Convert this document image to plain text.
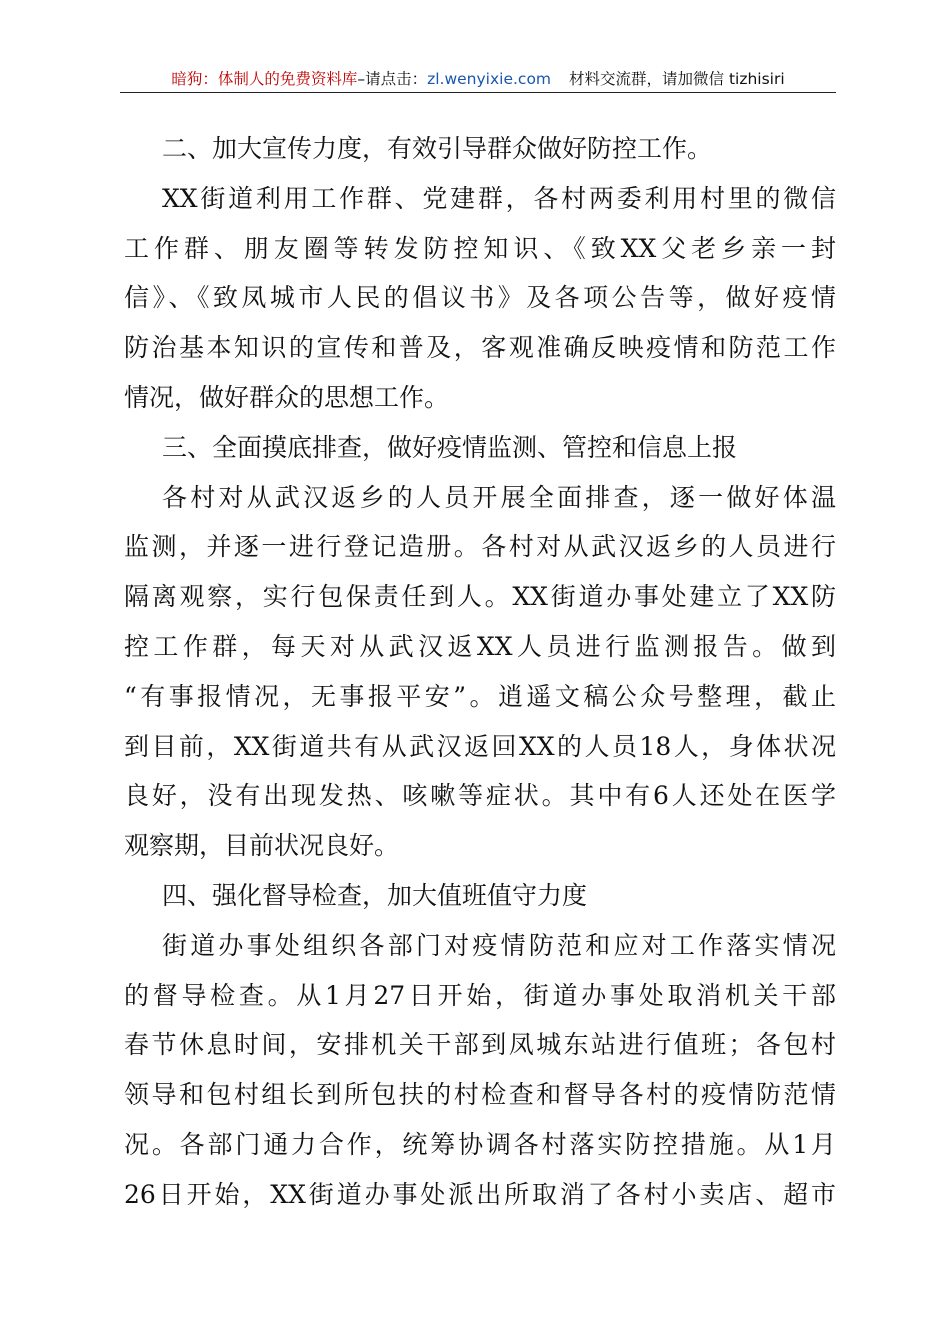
暗狗：体制人的免费资料库–请点击：zl.wenyixie.com 材料交流群，请加微信 tizhisiri
二、加大宣传力度，有效引导群众做好防控工作。
XX街道利用工作群、党建群，各村两委利用村里的微信
工作群、朋友圈等转发防控知识、《致XX父老乡亲一封
信》、《致凤城市人民的倡议书》及各项公告等，做好疫情
防治基本知识的宣传和普及，客观准确反映疫情和防范工作
情况，做好群众的思想工作。
三、全面摸底排查，做好疫情监测、管控和信息上报
各村对从武汉返乡的人员开展全面排查，逐一做好体温
监测，并逐一进行登记造册。各村对从武汉返乡的人员进行
隔离观察，实行包保责任到人。XX街道办事处建立了XX防
控工作群，每天对从武汉返XX人员进行监测报告。做到
“有事报情况，无事报平安”。逍遥文稿公众号整理，截止
到目前，XX街道共有从武汉返回XX的人员18人，身体状况
良好，没有出现发热、咳嗽等症状。其中有6人还处在医学
观察期，目前状况良好。
四、强化督导检查，加大值班值守力度
街道办事处组织各部门对疫情防范和应对工作落实情况
的督导检查。从1月27日开始，街道办事处取消机关干部
春节休息时间，安排机关干部到凤城东站进行值班；各包村
领导和包村组长到所包扶的村检查和督导各村的疫情防范情
况。各部门通力合作，统筹协调各村落实防控措施。从1月
26日开始，XX街道办事处派出所取消了各村小卖店、超市
